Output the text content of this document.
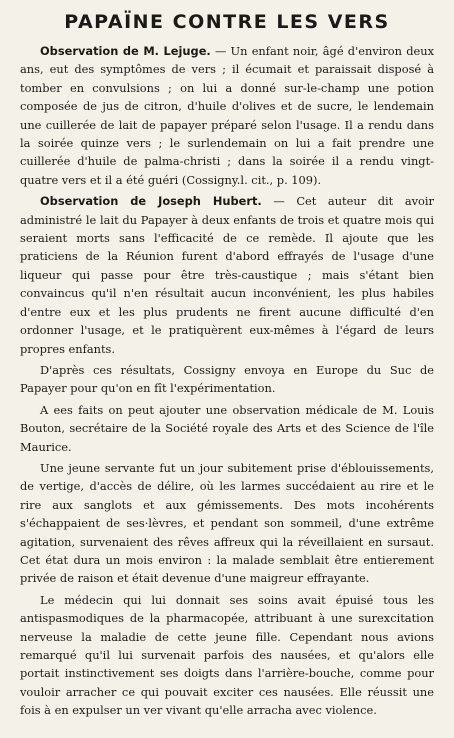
PAPAÏNE CONTRE LES VERS

Observation de M. Lejuge. — Un enfant noir, âgé d'environ deux ans, eut des symptômes de vers ; il écumait et paraissait disposé à tomber en convulsions ; on lui a donné sur-le-champ une potion composée de jus de citron, d'huile d'olives et de sucre, le lendemain une cuillerée de lait de papayer préparé selon l'usage. Il a rendu dans la soirée quinze vers ; le surlendemain on lui a fait prendre une cuillerée d'huile de palma-christi ; dans la soirée il a rendu vingt-quatre vers et il a été guéri (Cossigny.l. cit., p. 109).

Observation de Joseph Hubert. — Cet auteur dit avoir administré le lait du Papayer à deux enfants de trois et quatre mois qui seraient morts sans l'efficacité de ce remède. Il ajoute que les praticiens de la Réunion furent d'abord effrayés de l'usage d'une liqueur qui passe pour être très-caustique ; mais s'étant bien convaincus qu'il n'en résultait aucun inconvénient, les plus habiles d'entre eux et les plus prudents ne firent aucune difficulté d'en ordonner l'usage, et le pratiquèrent eux-mêmes à l'égard de leurs propres enfants.

D'après ces résultats, Cossigny envoya en Europe du Suc de Papayer pour qu'on en fît l'expérimentation.

A ees faits on peut ajouter une observation médicale de M. Louis Bouton, secrétaire de la Société royale des Arts et des Science de l'île Maurice.

Une jeune servante fut un jour subitement prise d'éblouissements, de vertige, d'accès de délire, où les larmes succédaient au rire et le rire aux sanglots et aux gémissements. Des mots incohérents s'échappaient de ses·lèvres, et pendant son sommeil, d'une extrême agitation, survenaient des rêves affreux qui la réveillaient en sursaut. Cet état dura un mois environ : la malade semblait être entierement privée de raison et était devenue d'une maigreur effrayante.

Le médecin qui lui donnait ses soins avait épuisé tous les antispasmodiques de la pharmacopée, attribuant à une surexcitation nerveuse la maladie de cette jeune fille. Cependant nous avions remarqué qu'il lui survenait parfois des nausées, et qu'alors elle portait instinctivement ses doigts dans l'arrière-bouche, comme pour vouloir arracher ce qui pouvait exciter ces nausées. Elle réussit une fois à en expulser un ver vivant qu'elle arracha avec violence.
